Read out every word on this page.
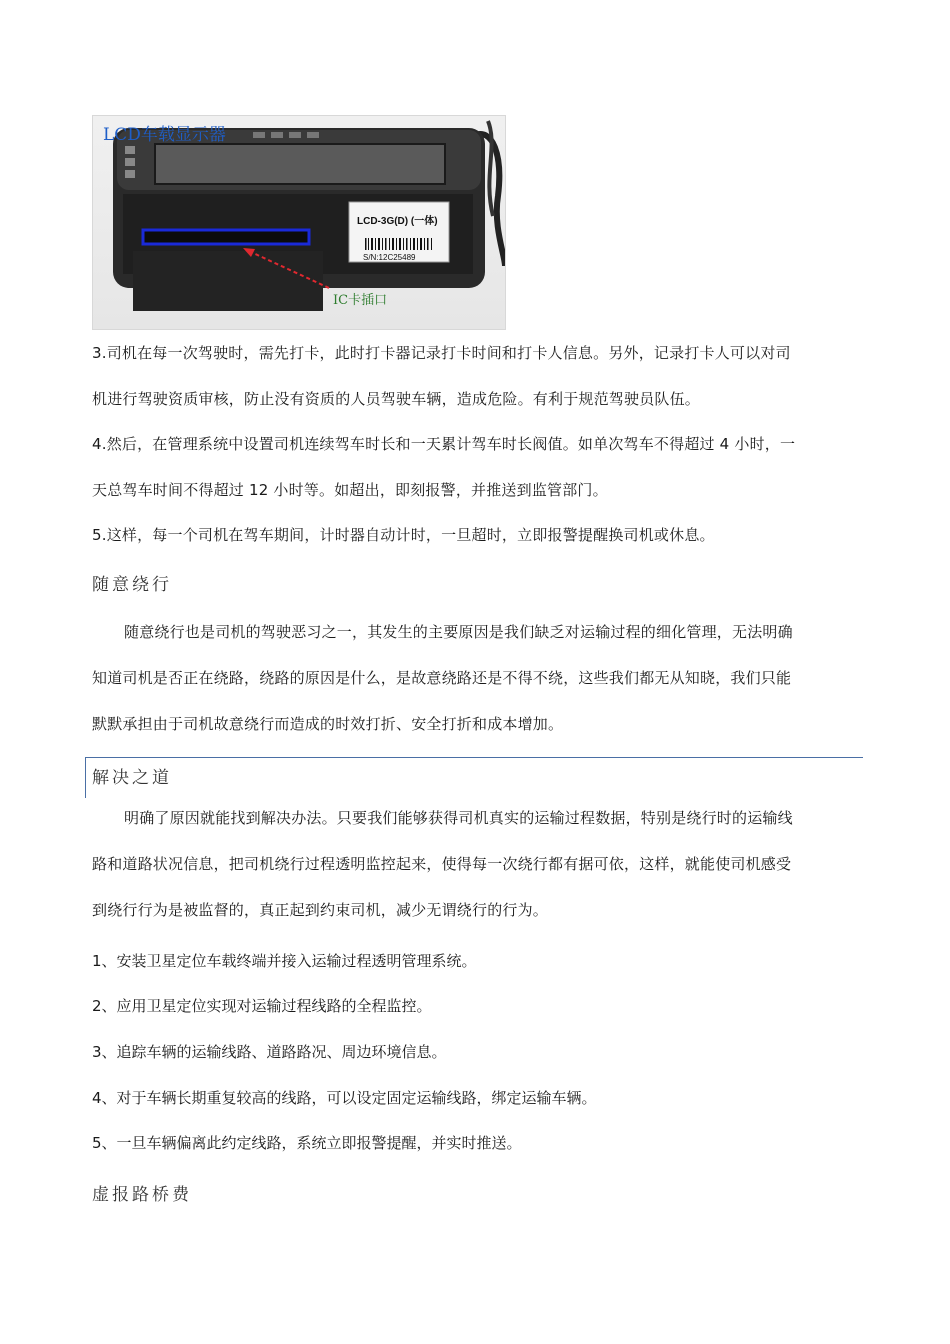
LCD车载显示器
LCD-3G(D) (一体)
S/N:12C25489
IC卡插口
3.司机在每一次驾驶时，需先打卡，此时打卡器记录打卡时间和打卡人信息。另外，记录打卡人可以对司
机进行驾驶资质审核，防止没有资质的人员驾驶车辆，造成危险。有利于规范驾驶员队伍。
4.然后，在管理系统中设置司机连续驾车时长和一天累计驾车时长阀值。如单次驾车不得超过 4 小时，一
天总驾车时间不得超过 12 小时等。如超出，即刻报警，并推送到监管部门。
5.这样，每一个司机在驾车期间，计时器自动计时，一旦超时，立即报警提醒换司机或休息。
随意绕行
随意绕行也是司机的驾驶恶习之一，其发生的主要原因是我们缺乏对运输过程的细化管理，无法明确
知道司机是否正在绕路，绕路的原因是什么，是故意绕路还是不得不绕，这些我们都无从知晓，我们只能
默默承担由于司机故意绕行而造成的时效打折、安全打折和成本增加。
解决之道
明确了原因就能找到解决办法。只要我们能够获得司机真实的运输过程数据，特别是绕行时的运输线
路和道路状况信息，把司机绕行过程透明监控起来，使得每一次绕行都有据可依，这样，就能使司机感受
到绕行行为是被监督的，真正起到约束司机，减少无谓绕行的行为。
1、安装卫星定位车载终端并接入运输过程透明管理系统。
2、应用卫星定位实现对运输过程线路的全程监控。
3、追踪车辆的运输线路、道路路况、周边环境信息。
4、对于车辆长期重复较高的线路，可以设定固定运输线路，绑定运输车辆。
5、一旦车辆偏离此约定线路，系统立即报警提醒，并实时推送。
虚报路桥费
